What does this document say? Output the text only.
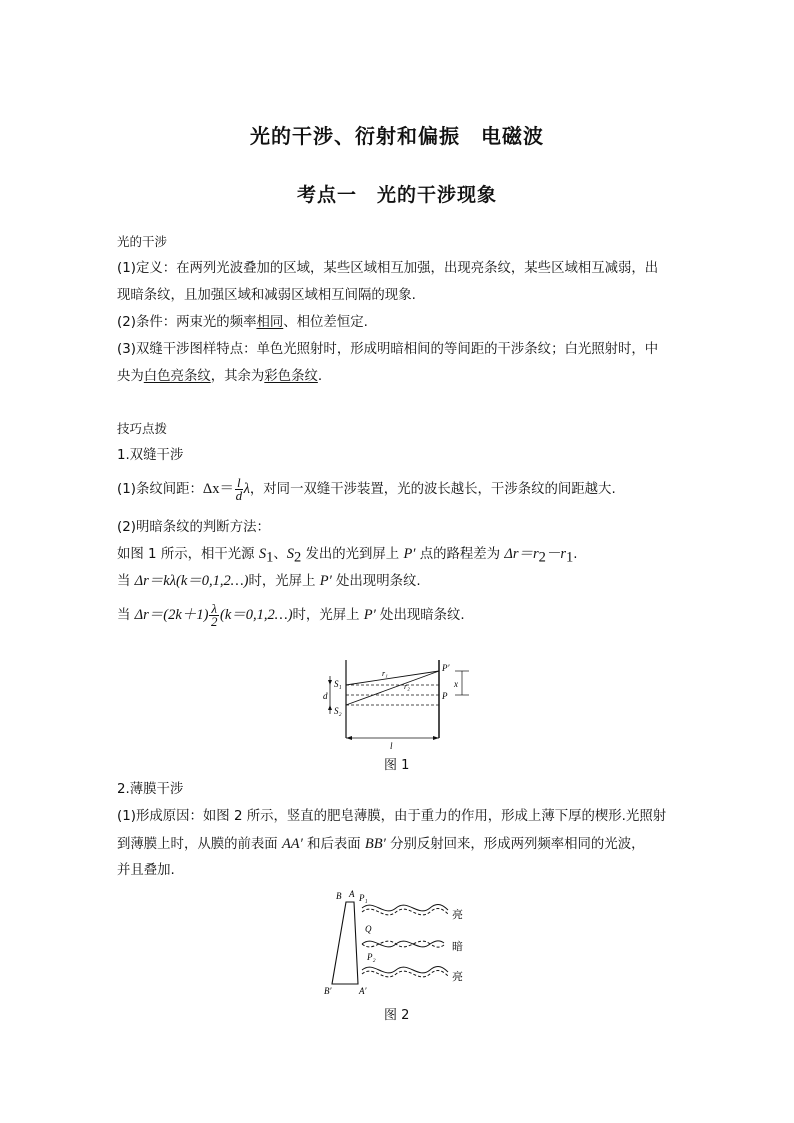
光的干涉、衍射和偏振　电磁波
考点一　光的干涉现象
光的干涉
(1)定义：在两列光波叠加的区域，某些区域相互加强，出现亮条纹，某些区域相互减弱，出
现暗条纹，且加强区域和减弱区域相互间隔的现象.
(2)条件：两束光的频率相同、相位差恒定.
(3)双缝干涉图样特点：单色光照射时，形成明暗相间的等间距的干涉条纹；白光照射时，中
央为白色亮条纹，其余为彩色条纹.
技巧点拨
1.双缝干涉
(1)条纹间距：$\Delta x= \frac{l}{d}$ λ，对同一双缝干涉装置，光的波长越长，干涉条纹的间距越大.
(2)明暗条纹的判断方法：
如图 1 所示，相干光源 $S_1$、$S_2$ 发出的光到屏上 P′ 点的路程差为 $\Delta r=r_2-r_1$.
当 Δr＝kλ(k＝0,1,2…)时，光屏上 P′ 处出现明条纹.
当 $\Delta r=(2k+1) \frac{\lambda}{2}$ (k＝0,1,2…)时，光屏上 P′ 处出现暗条纹.
S₁
S₂
d
r₁
r₂
P′
P
x
l
图 1
2.薄膜干涉
(1)形成原因：如图 2 所示，竖直的肥皂薄膜，由于重力的作用，形成上薄下厚的楔形.光照射
到薄膜上时，从膜的前表面 AA′ 和后表面 BB′ 分别反射回来，形成两列频率相同的光波，
并且叠加.
B A P₁
Q
P₂
B′	A′
亮
暗
亮
图 2
